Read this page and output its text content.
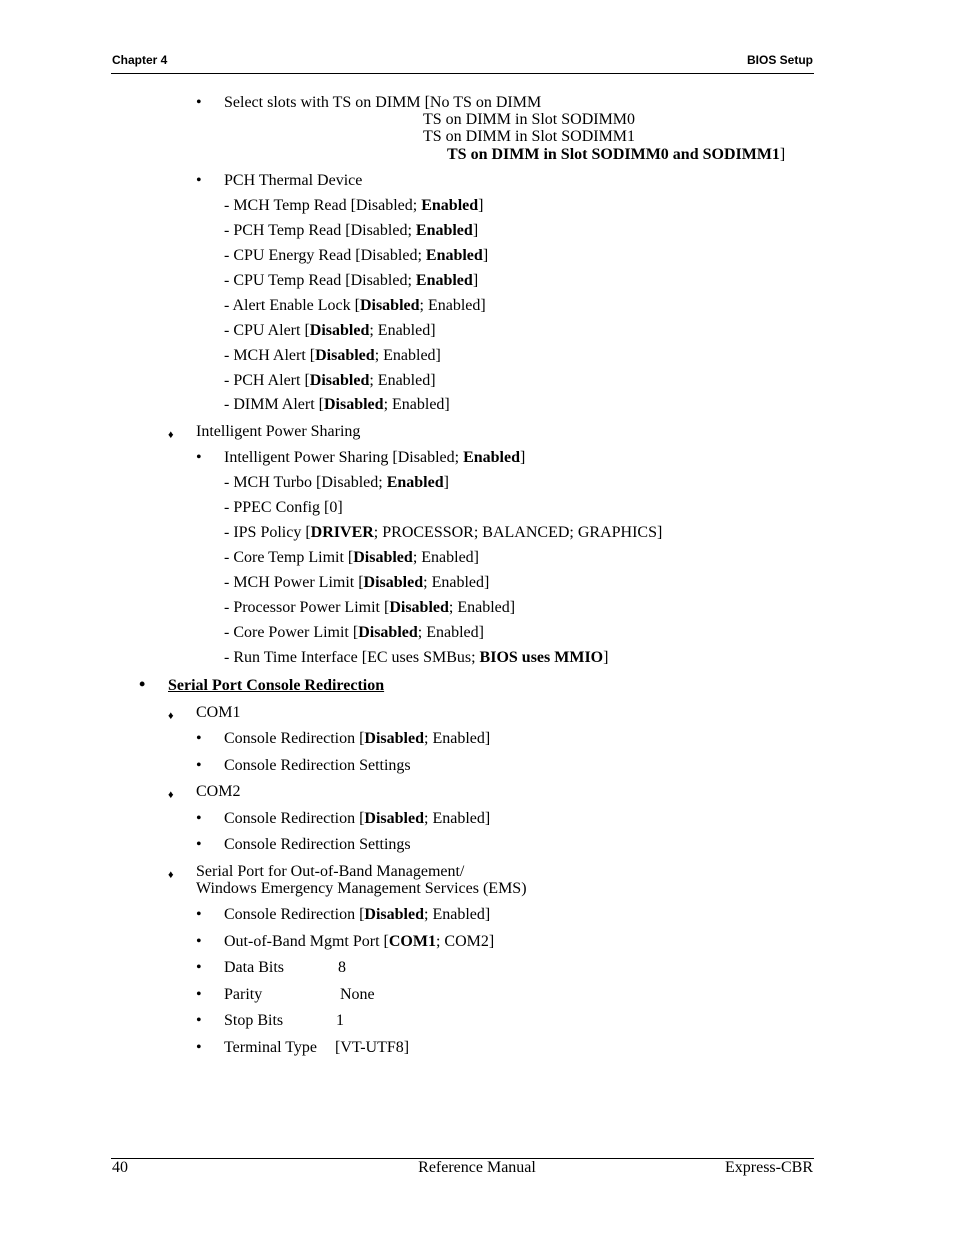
Chapter 4	BIOS Setup
• Select slots with TS on DIMM [No TS on DIMM
TS on DIMM in Slot SODIMM0
TS on DIMM in Slot SODIMM1
TS on DIMM in Slot SODIMM0 and SODIMM1]
• PCH Thermal Device
- MCH Temp Read [Disabled; Enabled]
- PCH Temp Read [Disabled; Enabled]
- CPU Energy Read [Disabled; Enabled]
- CPU Temp Read [Disabled; Enabled]
- Alert Enable Lock [Disabled; Enabled]
- CPU Alert [Disabled; Enabled]
- MCH Alert [Disabled; Enabled]
- PCH Alert [Disabled; Enabled]
- DIMM Alert [Disabled; Enabled]
♦ Intelligent Power Sharing
• Intelligent Power Sharing [Disabled; Enabled]
- MCH Turbo [Disabled; Enabled]
- PPEC Config [0]
- IPS Policy [DRIVER; PROCESSOR; BALANCED; GRAPHICS]
- Core Temp Limit [Disabled; Enabled]
- MCH Power Limit [Disabled; Enabled]
- Processor Power Limit [Disabled; Enabled]
- Core Power Limit [Disabled; Enabled]
- Run Time Interface [EC uses SMBus; BIOS uses MMIO]
• Serial Port Console Redirection
♦ COM1
• Console Redirection [Disabled; Enabled]
• Console Redirection Settings
♦ COM2
• Console Redirection [Disabled; Enabled]
• Console Redirection Settings
♦ Serial Port for Out-of-Band Management/
Windows Emergency Management Services (EMS)
• Console Redirection [Disabled; Enabled]
• Out-of-Band Mgmt Port [COM1; COM2]
• Data Bits	8
• Parity	None
• Stop Bits	1
• Terminal Type [VT-UTF8]
40	Reference Manual	Express-CBR
